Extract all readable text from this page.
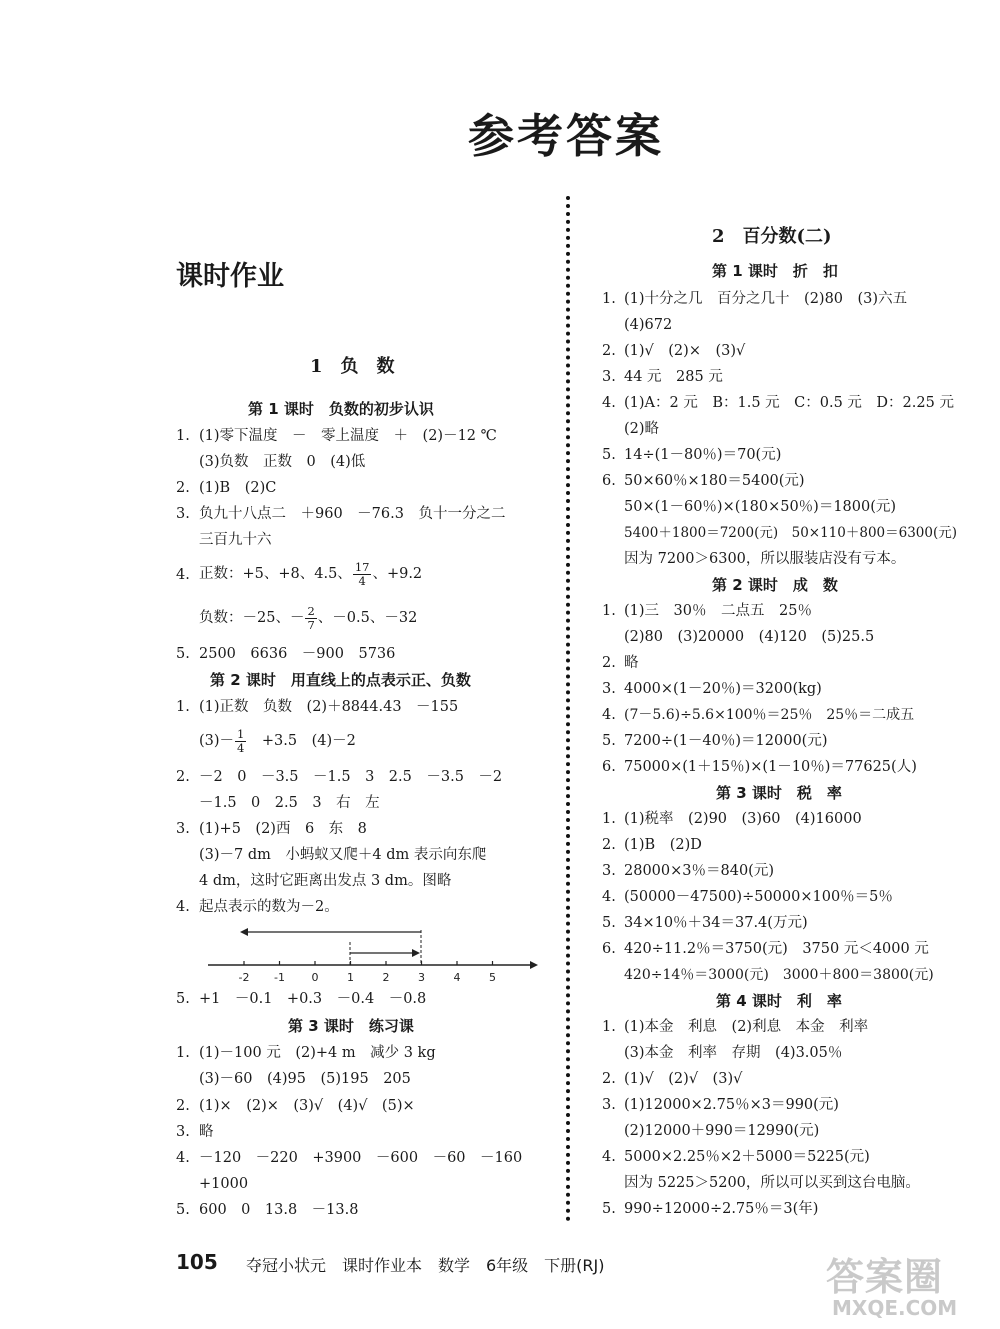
参考答案
课时作业
1　负　数
第 1 课时　负数的初步认识
1. (1)零下温度　－　零上温度　＋　(2)－12 ℃
(3)负数　正数　0　(4)低
2. (1)B　(2)C
3. 负九十八点二　＋960　－76.3　负十一分之二
三百九十六
4. 正数：+5、+8、4.5、 $\frac{17}{4}$ 、+9.2
负数：－25、－ $\frac{2}{7}$ 、－0.5、－32
5. 2500　6636　－900　5736
第 2 课时　用直线上的点表示正、负数
1. (1)正数　负数　(2)＋8844.43　－155
$(3)- \frac{1}{4}$ 　+3.5　(4)－2
2. －2　0　－3.5　－1.5　3　2.5　－3.5　－2
－1.5　0　2.5　3　右　左
3. (1)+5　(2)西　6　东　8
(3)－7 dm　小蚂蚁又爬＋4 dm 表示向东爬
4 dm，这时它距离出发点 3 dm。图略
4. 起点表示的数为－2。
-2 -1 0	1	2	3	4	5
5. +1　－0.1　+0.3　－0.4　－0.8
第 3 课时　练习课
1. (1)－100 元　(2)+4 m　减少 3 kg
(3)－60　(4)95　(5)195　205
2. (1)×　(2)×　(3)√　(4)√　(5)×
3. 略
4. －120　－220　+3900　－600　－60　－160
+1000
5. 600　0　13.8　－13.8
2　百分数(二)
第 1 课时　折　扣
1. (1)十分之几　百分之几十　(2)80　(3)六五
(4)672
2. (1)√　(2)×　(3)√
3. 44 元　285 元
4. (1)A：2 元　B：1.5 元　C：0.5 元　D：2.25 元
(2)略
5. 14÷(1－80％)＝70(元)
6. 50×60％×180＝5400(元)
50×(1－60％)×(180×50％)＝1800(元)
5400＋1800＝7200(元)　50×110＋800＝6300(元)
因为 7200＞6300，所以服装店没有亏本。
第 2 课时　成　数
1. (1)三　30％　二点五　25％
(2)80　(3)20000　(4)120　(5)25.5
2. 略
3. 4000×(1－20％)＝3200(kg)
4. (7－5.6)÷5.6×100％＝25％　25％＝二成五
5. 7200÷(1－40％)＝12000(元)
6. 75000×(1＋15％)×(1－10％)＝77625(人)
第 3 课时　税　率
1. (1)税率　(2)90　(3)60　(4)16000
2. (1)B　(2)D
3. 28000×3％＝840(元)
4. (50000－47500)÷50000×100％＝5％
5. 34×10％＋34＝37.4(万元)
6. 420÷11.2％＝3750(元)　3750 元＜4000 元
420÷14％＝3000(元)　3000＋800＝3800(元)
第 4 课时　利　率
1. (1)本金　利息　(2)利息　本金　利率
(3)本金　利率　存期　(4)3.05％
2. (1)√　(2)√　(3)√
3. (1)12000×2.75％×3＝990(元)
(2)12000＋990＝12990(元)
4. 5000×2.25％×2＋5000＝5225(元)
因为 5225＞5200，所以可以买到这台电脑。
5. 990÷12000÷2.75％＝3(年)
105 夺冠小状元　课时作业本　数学　6年级　下册(RJ)	答案圈
MXQE.COM
